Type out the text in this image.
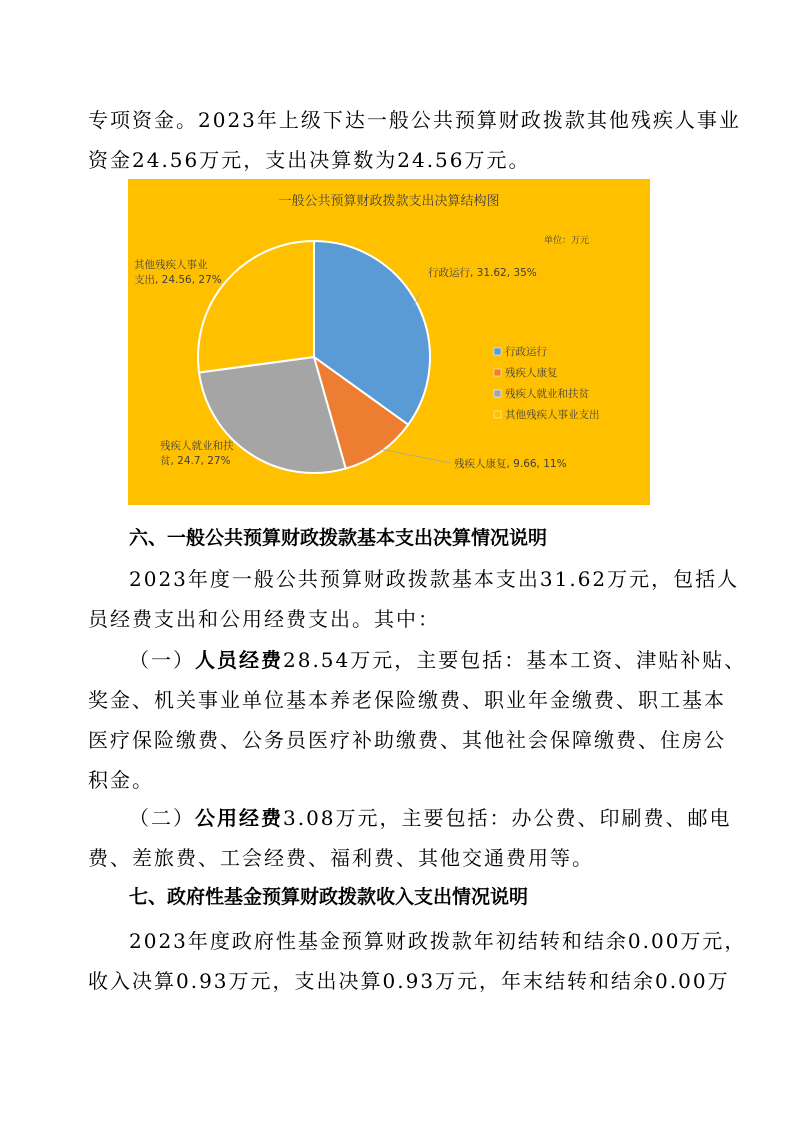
专项资金。2023年上级下达一般公共预算财政拨款其他残疾人事业
资金24.56万元，支出决算数为24.56万元。
一般公共预算财政拨款支出决算结构图
单位：万元
行政运行, 31.62, 35%
残疾人康复, 9.66, 11%
残疾人就业和扶
贫, 24.7, 27%
其他残疾人事业
支出, 24.56, 27%
行政运行
残疾人康复
残疾人就业和扶贫
其他残疾人事业支出
六、一般公共预算财政拨款基本支出决算情况说明
2023年度一般公共预算财政拨款基本支出31.62万元，包括人
员经费支出和公用经费支出。其中：
（一）人员经费28.54万元，主要包括：基本工资、津贴补贴、
奖金、机关事业单位基本养老保险缴费、职业年金缴费、职工基本
医疗保险缴费、公务员医疗补助缴费、其他社会保障缴费、住房公
积金。
（二）公用经费3.08万元，主要包括：办公费、印刷费、邮电
费、差旅费、工会经费、福利费、其他交通费用等。
七、政府性基金预算财政拨款收入支出情况说明
2023年度政府性基金预算财政拨款年初结转和结余0.00万元，
收入决算0.93万元，支出决算0.93万元，年末结转和结余0.00万
